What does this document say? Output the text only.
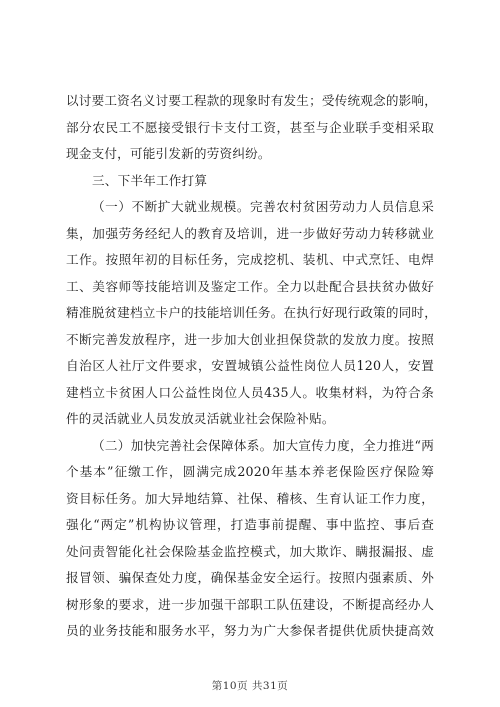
以讨要工资名义讨要工程款的现象时有发生；受传统观念的影响，
部分农民工不愿接受银行卡支付工资，甚至与企业联手变相采取
现金支付，可能引发新的劳资纠纷。
三、下半年工作打算
（一）不断扩大就业规模。完善农村贫困劳动力人员信息采
集，加强劳务经纪人的教育及培训，进一步做好劳动力转移就业
工作。按照年初的目标任务，完成挖机、装机、中式烹饪、电焊
工、美容师等技能培训及鉴定工作。全力以赴配合县扶贫办做好
精准脱贫建档立卡户的技能培训任务。在执行好现行政策的同时，
不断完善发放程序，进一步加大创业担保贷款的发放力度。按照
自治区人社厅文件要求，安置城镇公益性岗位人员120人，安置
建档立卡贫困人口公益性岗位人员435人。收集材料，为符合条
件的灵活就业人员发放灵活就业社会保险补贴。
（二）加快完善社会保障体系。加大宣传力度，全力推进“两
个基本”征缴工作，圆满完成2020年基本养老保险医疗保险筹
资目标任务。加大异地结算、社保、稽核、生育认证工作力度，
强化“两定”机构协议管理，打造事前提醒、事中监控、事后查
处问责智能化社会保险基金监控模式，加大欺诈、瞒报漏报、虚
报冒领、骗保查处力度，确保基金安全运行。按照内强素质、外
树形象的要求，进一步加强干部职工队伍建设，不断提高经办人
员的业务技能和服务水平，努力为广大参保者提供优质快捷高效
第10页 共31页
